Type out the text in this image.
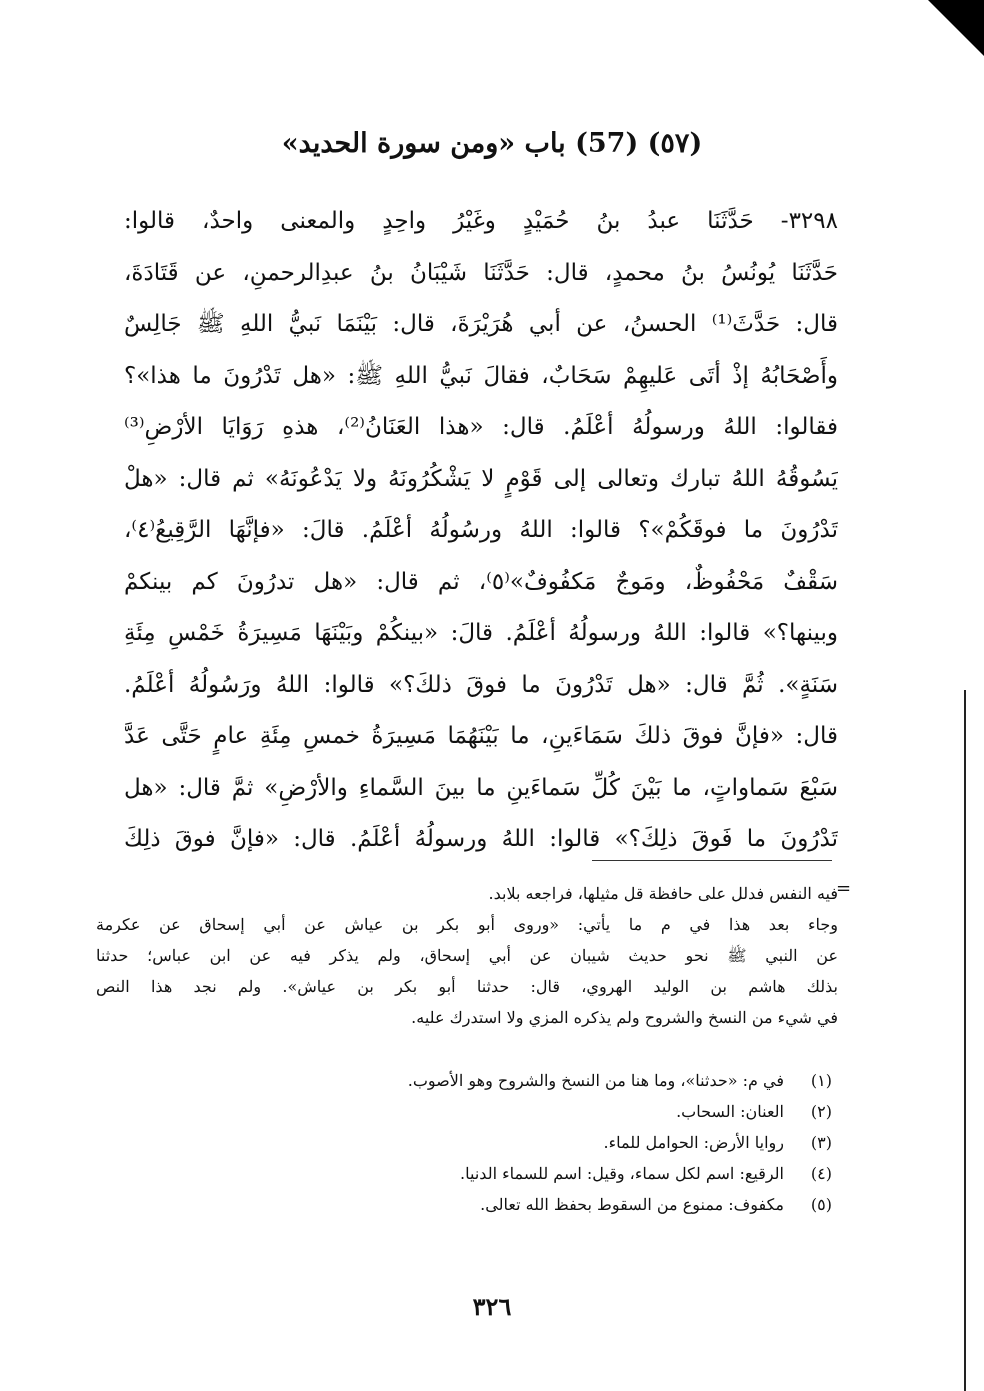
(٥٧) (57) باب «ومن سورة الحديد»
٣٢٩٨- حَدَّثَنَا عبدُ بنُ حُمَيْدٍ وغَيْرُ واحِدٍ والمعنى واحدٌ، قالوا:
حَدَّثَنَا يُونُسُ بنُ محمدٍ، قال: حَدَّثَنَا شَيْبَانُ بنُ عبدِالرحمنِ، عن قَتَادَةَ،
قال: حَدَّثَ⁽¹⁾ الحسنُ، عن أبي هُرَيْرَةَ، قال: بَيْنَمَا نَبيُّ اللهِ ﷺ جَالِسٌ
وأَصْحَابُهُ إذْ أتَى عَليهِمْ سَحَابٌ، فقالَ نَبيُّ اللهِ ﷺ: «هل تَدْرُونَ ما هذا»؟
فقالوا: اللهُ ورسولُهُ أعْلَمُ. قال: «هذا العَنَانُ⁽²⁾، هذهِ رَوَايَا الأرْضِ⁽³⁾
يَسُوقُهُ اللهُ تبارك وتعالى إلى قَوْمٍ لا يَشْكُرُونَهُ ولا يَدْعُونَهُ» ثم قال: «هلْ
تَدْرُونَ ما فوقَكُمْ»؟ قالوا: اللهُ ورسُولُهُ أعْلَمُ. قالَ: «فإنَّهَا الرَّقِيعُ⁽٤⁾،
سَقْفٌ مَحْفُوظٌ، ومَوجٌ مَكفُوفٌ»⁽٥⁾، ثم قال: «هل تدرُونَ كم بينكمْ
وبينها؟» قالوا: اللهُ ورسولُهُ أعْلَمُ. قالَ: «بينكُمْ وبَيْنَهَا مَسِيرَةُ خَمْسِ مِئَةِ
سَنَةٍ». ثُمَّ قال: «هل تَدْرُونَ ما فوقَ ذلكَ؟» قالوا: اللهُ ورَسُولُهُ أعْلَمُ.
قال: «فإنَّ فوقَ ذلكَ سَمَاءَينِ، ما بَيْنَهُمَا مَسِيرَةُ خمسِ مِئَةِ عامٍ حَتَّى عَدَّ
سَبْعَ سَماواتٍ، ما بَيْنَ كُلِّ سَماءَينِ ما بينَ السَّماءِ والأرْضِ» ثمَّ قال: «هل
تَدْرُونَ ما فَوقَ ذلِكَ؟» قالوا: اللهُ ورسولُهُ أعْلَمُ. قال: «فإنَّ فوقَ ذلِكَ
=
فيه النفس فدلل على حافظة قل مثيلها، فراجعه بلابد.
وجاء بعد هذا في م ما يأتي: «وروى أبو بكر بن عياش عن أبي إسحاق عن عكرمة
عن النبي ﷺ نحو حديث شيبان عن أبي إسحاق، ولم يذكر فيه عن ابن عباس؛ حدثنا
بذلك هاشم بن الوليد الهروي، قال: حدثنا أبو بكر بن عياش». ولم نجد هذا النص
في شيء من النسخ والشروح ولم يذكره المزي ولا استدرك عليه.
(١)في م: «حدثنا»، وما هنا من النسخ والشروح وهو الأصوب.
(٢)العنان: السحاب.
(٣)روايا الأرض: الحوامل للماء.
(٤)الرقيع: اسم لكل سماء، وقيل: اسم للسماء الدنيا.
(٥)مكفوف: ممنوع من السقوط بحفظ الله تعالى.
٣٢٦
